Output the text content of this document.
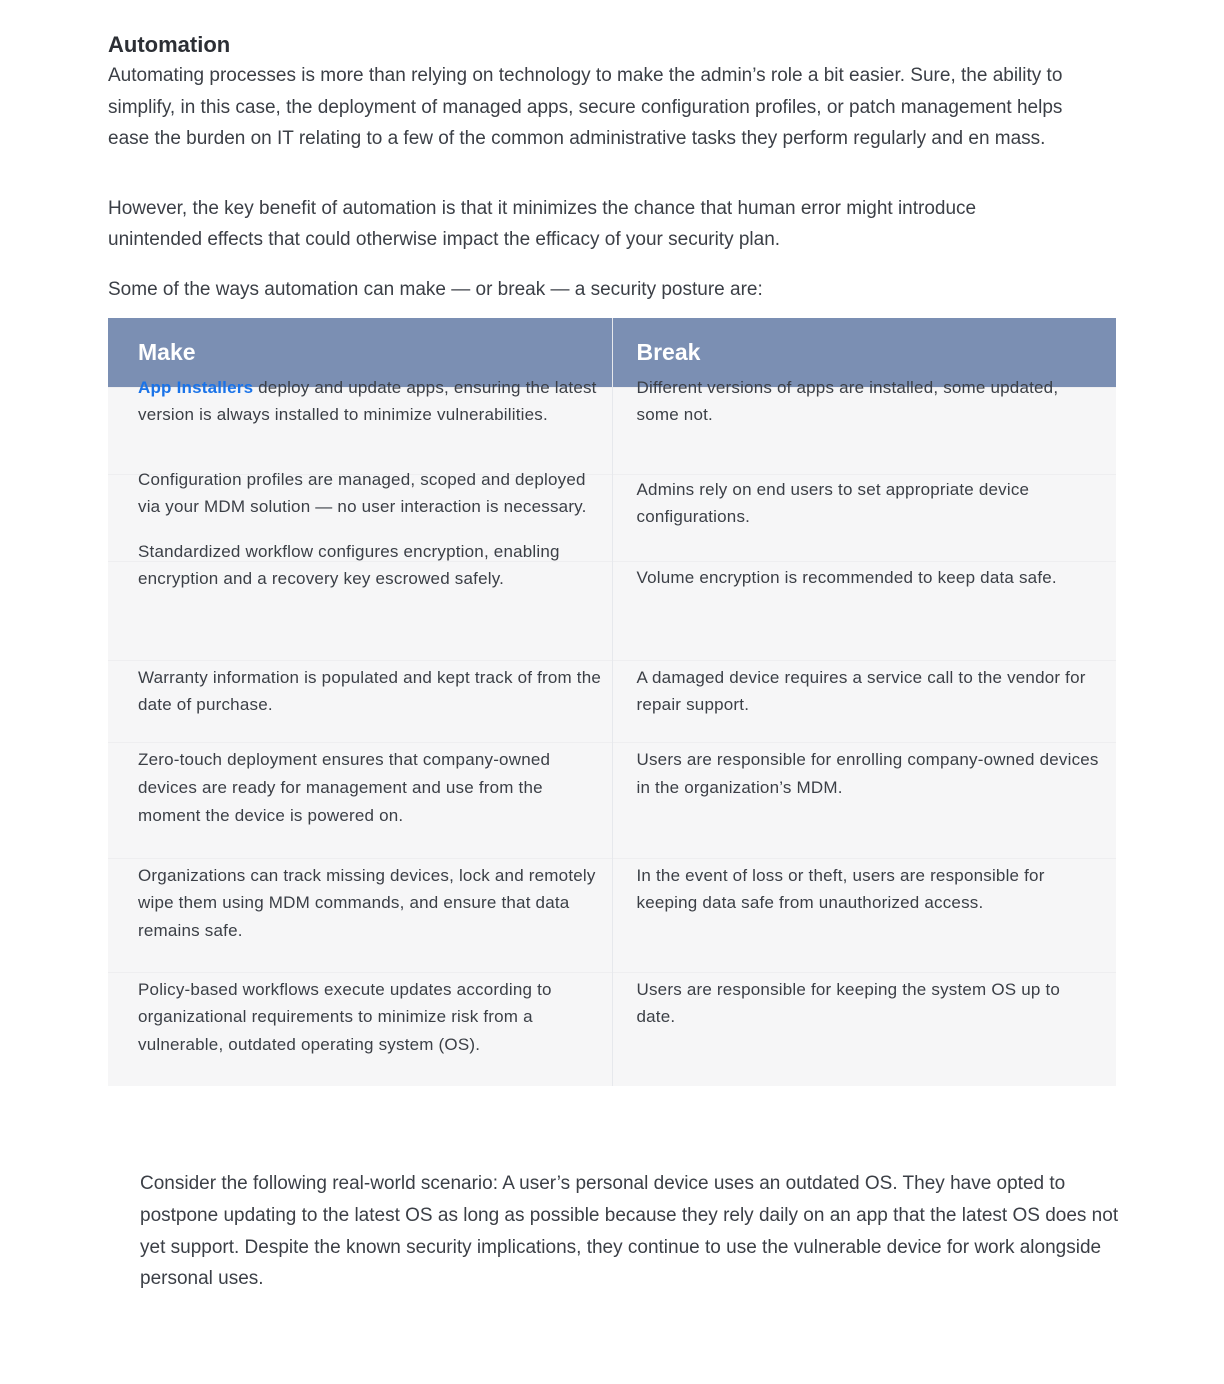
Automation

Automating processes is more than relying on technology to make the admin’s role a bit easier. Sure, the ability to simplify, in this case, the deployment of managed apps, secure configuration profiles, or patch management helps ease the burden on IT relating to a few of the common administrative tasks they perform regularly and en mass.

However, the key benefit of automation is that it minimizes the chance that human error might introduce unintended effects that could otherwise impact the efficacy of your security plan.

Some of the ways automation can make — or break — a security posture are:

Make	Break

App Installers deploy and update apps, ensuring the latest version is always installed to minimize vulnerabilities.	Different versions of apps are installed, some updated, some not.

Configuration profiles are managed, scoped and deployed via your MDM solution — no user interaction is necessary.	Admins rely on end users to set appropriate device configurations.

Standardized workflow configures encryption, enabling encryption and a recovery key escrowed safely.	Volume encryption is recommended to keep data safe.

Warranty information is populated and kept track of from the date of purchase.	A damaged device requires a service call to the vendor for repair support.

Zero-touch deployment ensures that company-owned devices are ready for management and use from the moment the device is powered on.	Users are responsible for enrolling company-owned devices in the organization’s MDM.

Organizations can track missing devices, lock and remotely wipe them using MDM commands, and ensure that data remains safe.	In the event of loss or theft, users are responsible for keeping data safe from unauthorized access.

Policy-based workflows execute updates according to organizational requirements to minimize risk from a vulnerable, outdated operating system (OS).	Users are responsible for keeping the system OS up to date.

Consider the following real-world scenario: A user’s personal device uses an outdated OS. They have opted to postpone updating to the latest OS as long as possible because they rely daily on an app that the latest OS does not yet support. Despite the known security implications, they continue to use the vulnerable device for work alongside personal uses.
